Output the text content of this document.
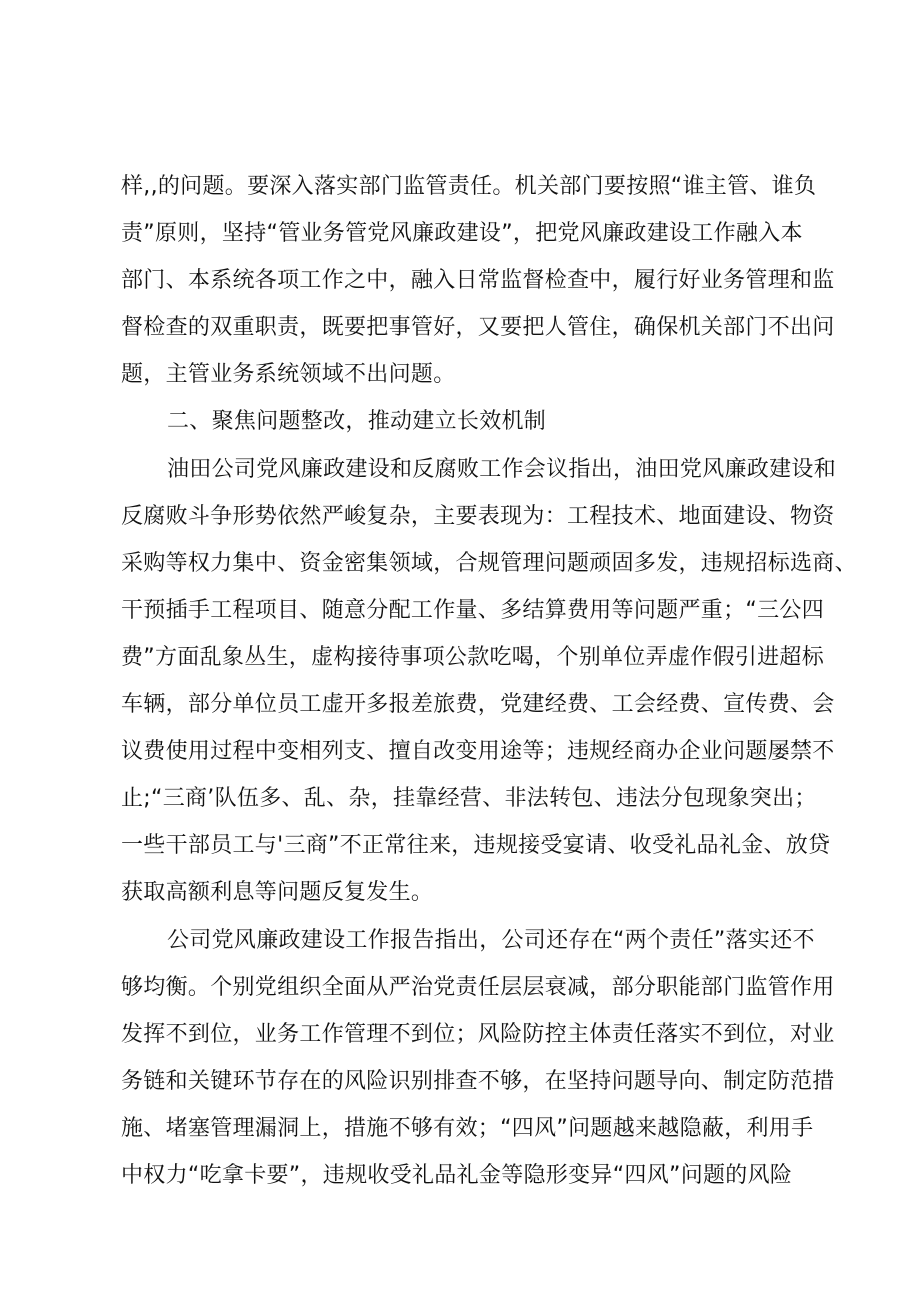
样,,的问题。要深入落实部门监管责任。机关部门要按照“谁主管、谁负
责”原则，坚持“管业务管党风廉政建设”，把党风廉政建设工作融入本
部门、本系统各项工作之中，融入日常监督检查中，履行好业务管理和监
督检查的双重职责，既要把事管好，又要把人管住，确保机关部门不出问
题，主管业务系统领域不出问题。

二、聚焦问题整改，推动建立长效机制

油田公司党风廉政建设和反腐败工作会议指出，油田党风廉政建设和
反腐败斗争形势依然严峻复杂，主要表现为：工程技术、地面建设、物资
采购等权力集中、资金密集领域，合规管理问题顽固多发，违规招标选商、
干预插手工程项目、随意分配工作量、多结算费用等问题严重；“三公四
费”方面乱象丛生，虚构接待事项公款吃喝，个别单位弄虚作假引进超标
车辆，部分单位员工虚开多报差旅费，党建经费、工会经费、宣传费、会
议费使用过程中变相列支、擅自改变用途等；违规经商办企业问题屡禁不
止;“三商’队伍多、乱、杂，挂靠经营、非法转包、违法分包现象突出；
一些干部员工与'三商”不正常往来，违规接受宴请、收受礼品礼金、放贷
获取高额利息等问题反复发生。

公司党风廉政建设工作报告指出，公司还存在“两个责任”落实还不
够均衡。个别党组织全面从严治党责任层层衰减，部分职能部门监管作用
发挥不到位，业务工作管理不到位；风险防控主体责任落实不到位，对业
务链和关键环节存在的风险识别排查不够，在坚持问题导向、制定防范措
施、堵塞管理漏洞上，措施不够有效；“四风”问题越来越隐蔽，利用手
中权力“吃拿卡要”，违规收受礼品礼金等隐形变异“四风”问题的风险
